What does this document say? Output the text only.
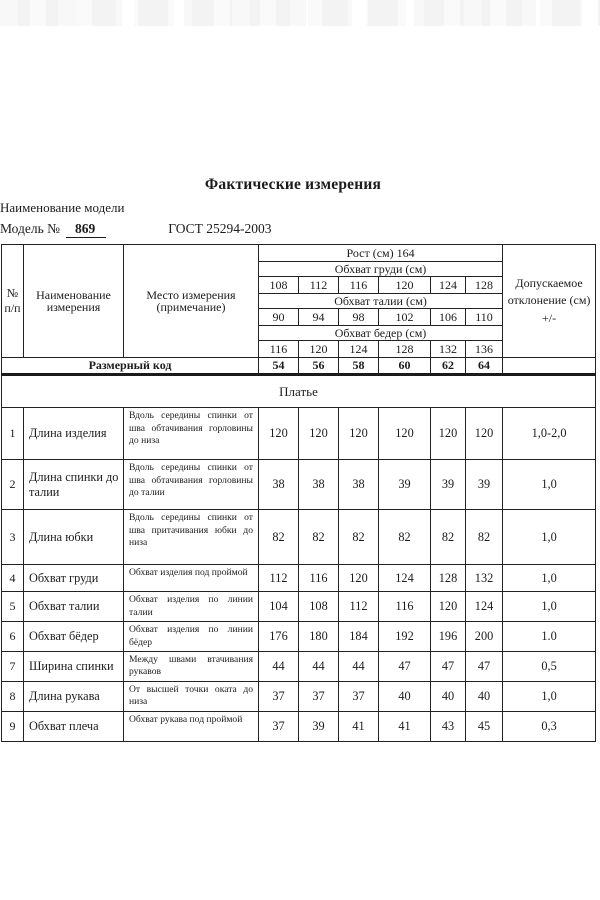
Фактические измерения
Наименование модели
Модель № 869	ГОСТ 25294-2003
№ п/п	Наименование измерения	Место измерения (примечание)	Рост (см) 164						Допускаемое отклонение (см) +/-
			Обхват груди (см)						
			108	112	116	120	124	128	
			Обхват талии (см)						
			90	94	98	102	106	110	
			Обхват бедер (см)						
			116	120	124	128	132	136	
Размерный код			54	56	58	60	62	64	
Платье									
1	Длина изделия	Вдоль середины спинки от шва обтачивания горловины до низа	120	120	120	120	120	120	1,0-2,0
2	Длина спинки до талии	Вдоль середины спинки от шва обтачивания горловины до талии	38	38	38	39	39	39	1,0
3	Длина юбки	Вдоль середины спинки от шва притачивания юбки до низа	82	82	82	82	82	82	1,0
4	Обхват груди	Обхват изделия под проймой	112	116	120	124	128	132	1,0
5	Обхват талии	Обхват изделия по линии талии	104	108	112	116	120	124	1,0
6	Обхват бёдер	Обхват изделия по линии бёдер	176	180	184	192	196	200	1.0
7	Ширина спинки	Между швами втачивания рукавов	44	44	44	47	47	47	0,5
8	Длина рукава	От высшей точки оката до низа	37	37	37	40	40	40	1,0
9	Обхват плеча	Обхват рукава под проймой	37	39	41	41	43	45	0,3
